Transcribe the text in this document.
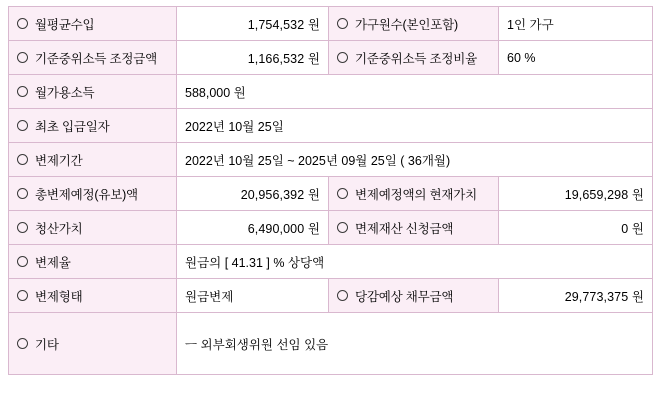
월평균수입	1,754,532 원	가구원수(본인포함)	1인 가구

기준중위소득 조정금액	1,166,532 원	기준중위소득 조정비율	60 %

월가용소득	588,000 원		

최초 입금일자	2022년 10월 25일		

변제기간	2022년 10월 25일 ~ 2025년 09월 25일 ( 36개월)		

총변제예정(유보)액	20,956,392 원	변제예정액의 현재가치	19,659,298 원

청산가치	6,490,000 원	면제재산 신청금액	0 원

변제율	원금의 [ 41.31 ] % 상당액		

변제형태	원금변제	당감예상 채무금액	29,773,375 원

기타	ㅡ 외부회생위원 선임 있음		
